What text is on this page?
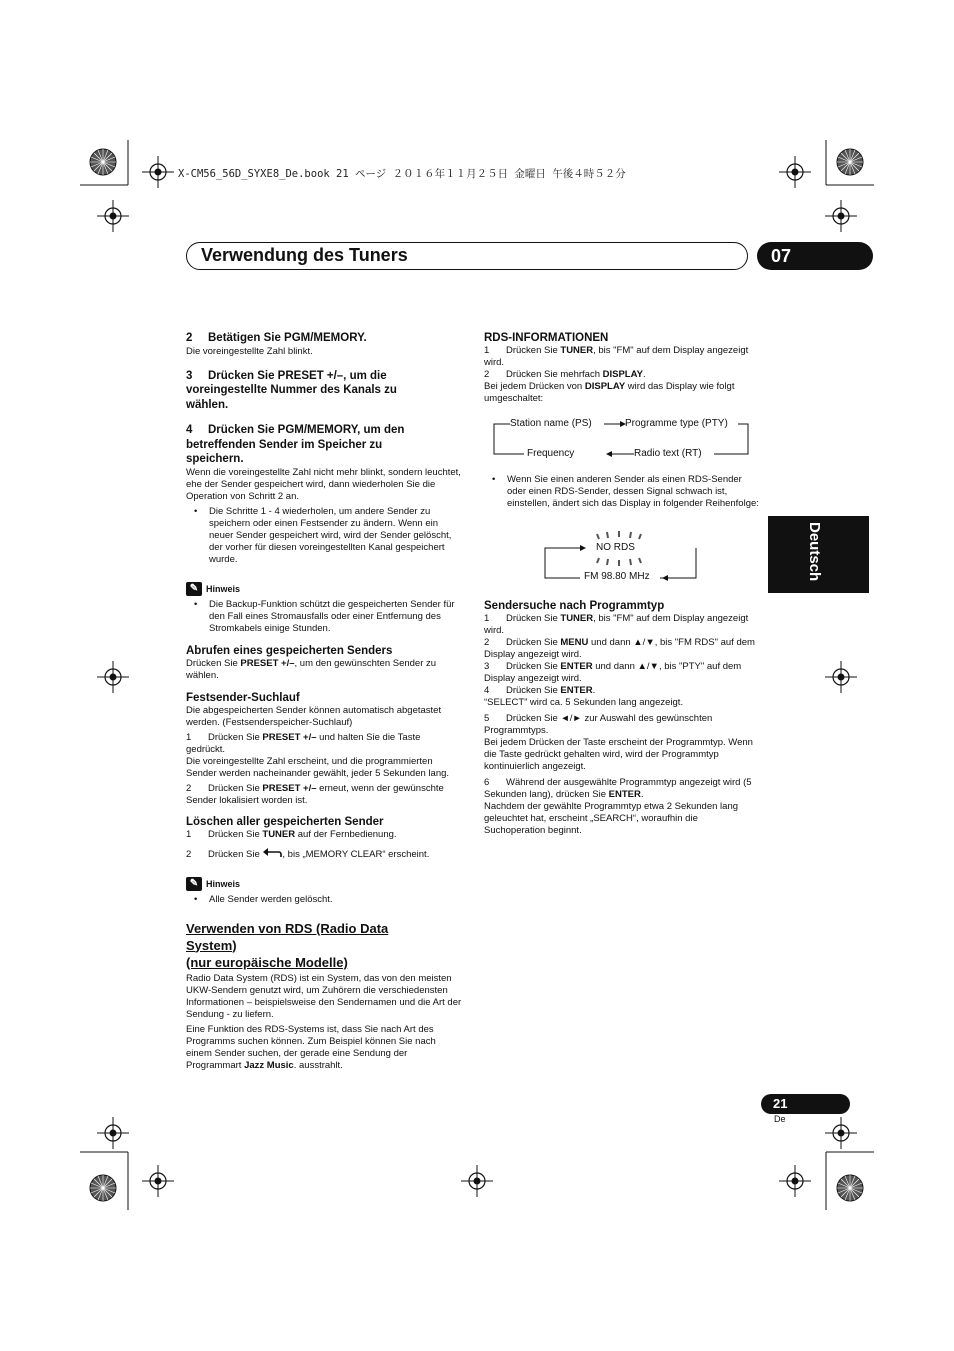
X-CM56_56D_SYXE8_De.book 21 ページ ２０１６年１１月２５日 金曜日 午後４時５２分
Verwendung des Tuners	07
Deutsch

2 Betätigen Sie PGM/MEMORY.

Die voreingestellte Zahl blinkt.

3 Drücken Sie PRESET +/–, um die
voreingestellte Nummer des Kanals zu
wählen.

4 Drücken Sie PGM/MEMORY, um den
betreffenden Sender im Speicher zu
speichern.

Wenn die voreingestellte Zahl nicht mehr blinkt, sondern leuchtet, ehe der Sender gespeichert wird, dann wiederholen Sie die Operation von Schritt 2 an.

• Die Schritte 1 - 4 wiederholen, um andere Sender zu speichern oder einen Festsender zu ändern. Wenn ein neuer Sender gespeichert wird, wird der Sender gelöscht, der vorher für diesen voreingestellten Kanal gespeichert wurde.

✎ Hinweis

• Die Backup-Funktion schützt die gespeicherten Sender für den Fall eines Stromausfalls oder einer Entfernung des Stromkabels einige Stunden.

Abrufen eines gespeicherten Senders

Drücken Sie PRESET +/–, um den gewünschten Sender zu wählen.

Festsender-Suchlauf

Die abgespeicherten Sender können automatisch abgetastet werden. (Festsenderspeicher-Suchlauf)

1 Drücken Sie PRESET +/– und halten Sie die Taste gedrückt.

Die voreingestellte Zahl erscheint, und die programmierten Sender werden nacheinander gewählt, jeder 5 Sekunden lang.

2 Drücken Sie PRESET +/– erneut, wenn der gewünschte Sender lokalisiert worden ist.

Löschen aller gespeicherten Sender

1 Drücken Sie TUNER auf der Fernbedienung.

2 Drücken Sie , bis „MEMORY CLEAR“ erscheint.

✎ Hinweis

• Alle Sender werden gelöscht.

Verwenden von RDS (Radio Data
System)
(nur europäische Modelle)

Radio Data System (RDS) ist ein System, das von den meisten UKW-Sendern genutzt wird, um Zuhörern die verschiedensten Informationen – beispielsweise den Sendernamen und die Art der Sendung - zu liefern.

Eine Funktion des RDS-Systems ist, dass Sie nach Art des Programms suchen können. Zum Beispiel können Sie nach einem Sender suchen, der gerade eine Sendung der Programmart Jazz Music. ausstrahlt.

RDS-INFORMATIONEN

1 Drücken Sie TUNER, bis "FM" auf dem Display angezeigt wird.

2 Drücken Sie mehrfach DISPLAY.

Bei jedem Drücken von DISPLAY wird das Display wie folgt umgeschaltet:

Station name (PS)	Programme type (PTY)
Frequency	Radio text (RT)

• Wenn Sie einen anderen Sender als einen RDS-Sender oder einen RDS-Sender, dessen Signal schwach ist, einstellen, ändert sich das Display in folgender Reihenfolge:

NO RDS
FM 98.80 MHz

Sendersuche nach Programmtyp

1 Drücken Sie TUNER, bis "FM" auf dem Display angezeigt wird.

2 Drücken Sie MENU und dann ▲/▼, bis "FM RDS" auf dem Display angezeigt wird.

3 Drücken Sie ENTER und dann ▲/▼, bis "PTY" auf dem Display angezeigt wird.

4 Drücken Sie ENTER.

“SELECT” wird ca. 5 Sekunden lang angezeigt.

5 Drücken Sie ◄/► zur Auswahl des gewünschten Programmtyps.

Bei jedem Drücken der Taste erscheint der Programmtyp. Wenn die Taste gedrückt gehalten wird, wird der Programmtyp kontinuierlich angezeigt.

6 Während der ausgewählte Programmtyp angezeigt wird (5 Sekunden lang), drücken Sie ENTER.

Nachdem der gewählte Programmtyp etwa 2 Sekunden lang geleuchtet hat, erscheint „SEARCH“, woraufhin die Suchoperation beginnt.

21
De
